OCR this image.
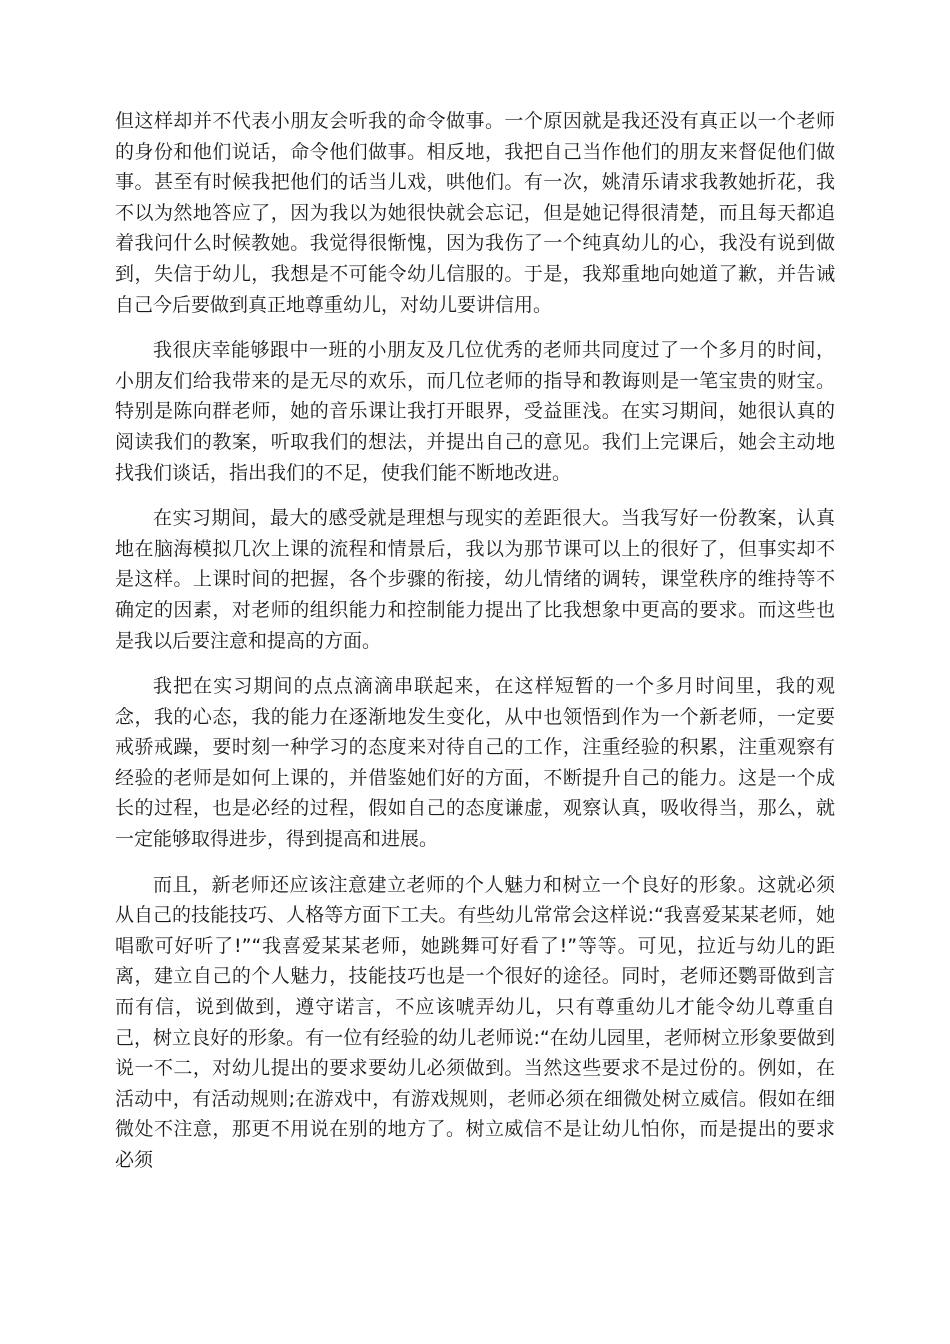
但这样却并不代表小朋友会听我的命令做事。一个原因就是我还没有真正以一个老师的身份和他们说话，命令他们做事。相反地，我把自己当作他们的朋友来督促他们做事。甚至有时候我把他们的话当儿戏，哄他们。有一次，姚清乐请求我教她折花，我不以为然地答应了，因为我以为她很快就会忘记，但是她记得很清楚，而且每天都追着我问什么时候教她。我觉得很惭愧，因为我伤了一个纯真幼儿的心，我没有说到做到，失信于幼儿，我想是不可能令幼儿信服的。于是，我郑重地向她道了歉，并告诫自己今后要做到真正地尊重幼儿，对幼儿要讲信用。

我很庆幸能够跟中一班的小朋友及几位优秀的老师共同度过了一个多月的时间，小朋友们给我带来的是无尽的欢乐，而几位老师的指导和教诲则是一笔宝贵的财宝。特别是陈向群老师，她的音乐课让我打开眼界，受益匪浅。在实习期间，她很认真的阅读我们的教案，听取我们的想法，并提出自己的意见。我们上完课后，她会主动地找我们谈话，指出我们的不足，使我们能不断地改进。

在实习期间，最大的感受就是理想与现实的差距很大。当我写好一份教案，认真地在脑海模拟几次上课的流程和情景后，我以为那节课可以上的很好了，但事实却不是这样。上课时间的把握，各个步骤的衔接，幼儿情绪的调转，课堂秩序的维持等不确定的因素，对老师的组织能力和控制能力提出了比我想象中更高的要求。而这些也是我以后要注意和提高的方面。

我把在实习期间的点点滴滴串联起来，在这样短暂的一个多月时间里，我的观念，我的心态，我的能力在逐渐地发生变化，从中也领悟到作为一个新老师，一定要戒骄戒躁，要时刻一种学习的态度来对待自己的工作，注重经验的积累，注重观察有经验的老师是如何上课的，并借鉴她们好的方面，不断提升自己的能力。这是一个成长的过程，也是必经的过程，假如自己的态度谦虚，观察认真，吸收得当，那么，就一定能够取得进步，得到提高和进展。

而且，新老师还应该注意建立老师的个人魅力和树立一个良好的形象。这就必须从自己的技能技巧、人格等方面下工夫。有些幼儿常常会这样说:“我喜爱某某老师，她唱歌可好听了!”“我喜爱某某老师，她跳舞可好看了!”等等。可见，拉近与幼儿的距离，建立自己的个人魅力，技能技巧也是一个很好的途径。同时，老师还鹦哥做到言而有信，说到做到，遵守诺言，不应该唬弄幼儿，只有尊重幼儿才能令幼儿尊重自己，树立良好的形象。有一位有经验的幼儿老师说:“在幼儿园里，老师树立形象要做到说一不二，对幼儿提出的要求要幼儿必须做到。当然这些要求不是过份的。例如，在活动中，有活动规则;在游戏中，有游戏规则，老师必须在细微处树立威信。假如在细微处不注意，那更不用说在别的地方了。树立威信不是让幼儿怕你，而是提出的要求必须
